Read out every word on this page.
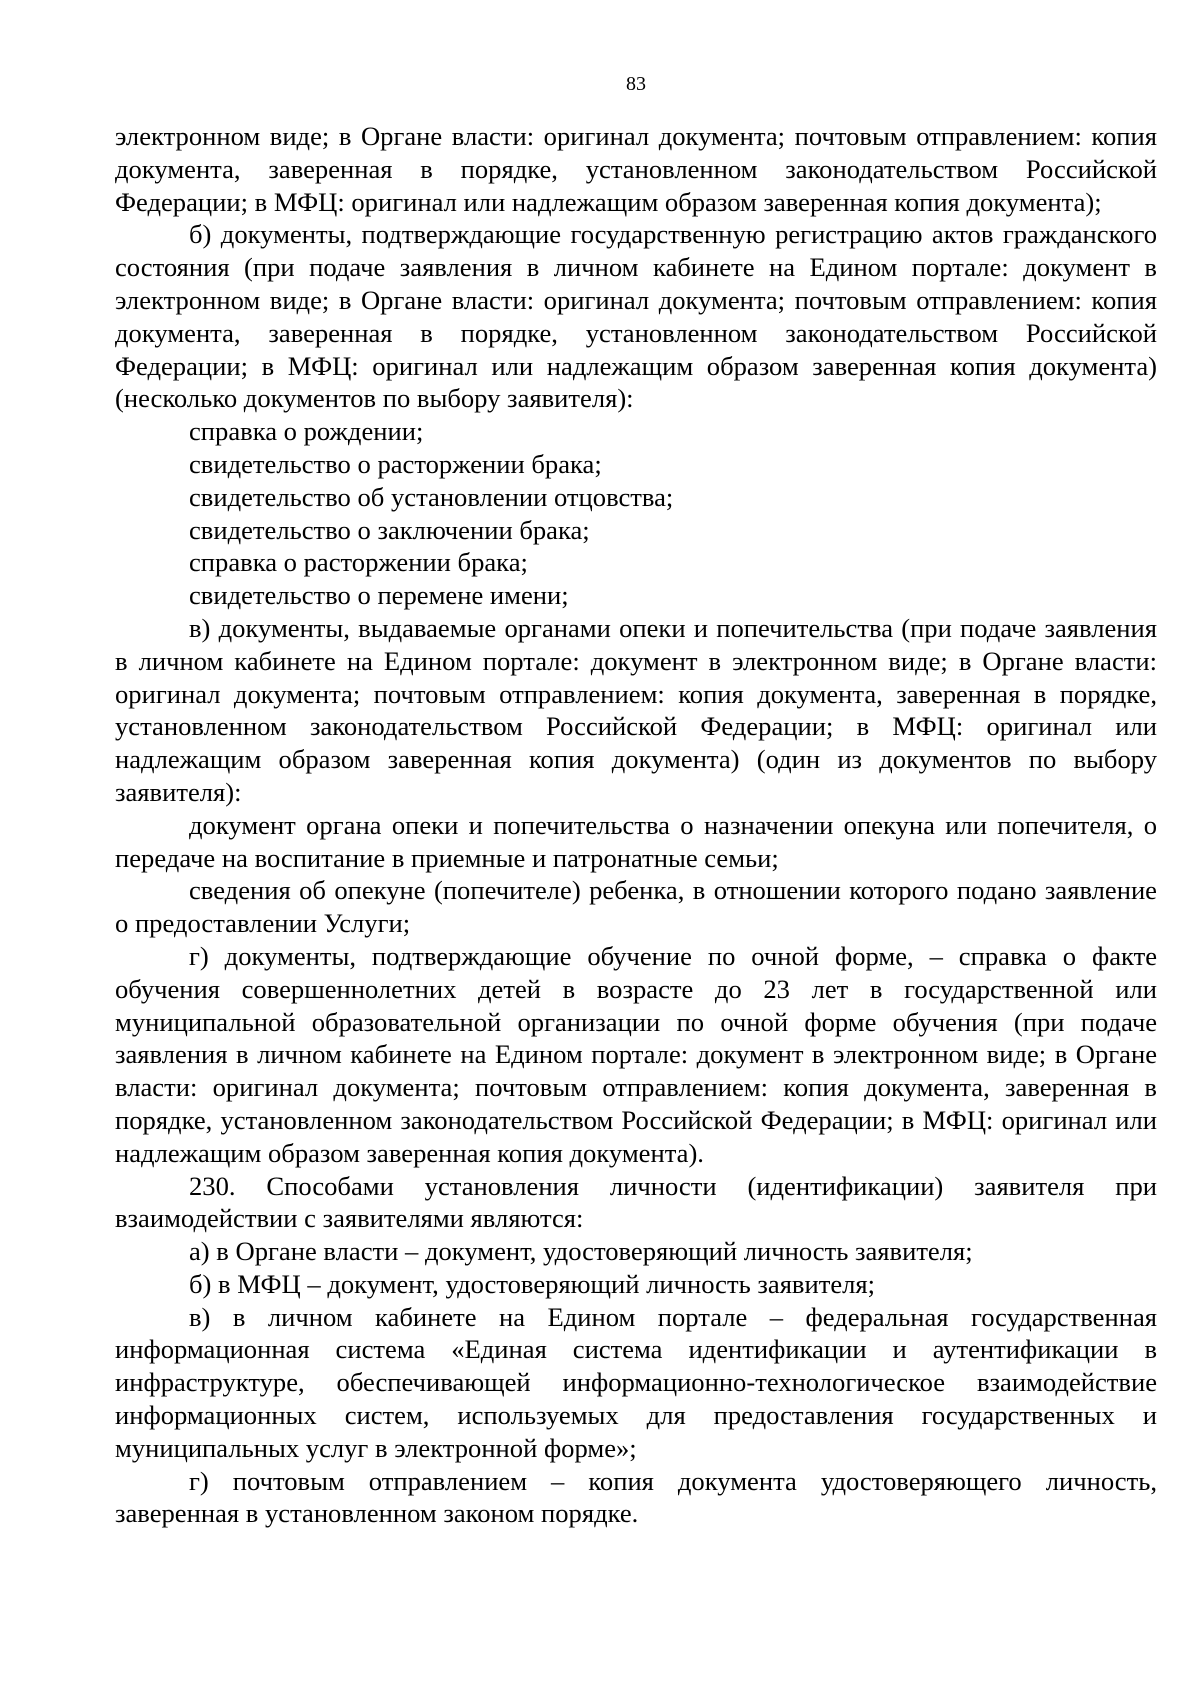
83

электронном виде; в Органе власти: оригинал документа; почтовым отправлением: копия документа, заверенная в порядке, установленном законодательством Российской Федерации; в МФЦ: оригинал или надлежащим образом заверенная копия документа);

б) документы, подтверждающие государственную регистрацию актов гражданского состояния (при подаче заявления в личном кабинете на Едином портале: документ в электронном виде; в Органе власти: оригинал документа; почтовым отправлением: копия документа, заверенная в порядке, установленном законодательством Российской Федерации; в МФЦ: оригинал или надлежащим образом заверенная копия документа) (несколько документов по выбору заявителя):

справка о рождении;

свидетельство о расторжении брака;

свидетельство об установлении отцовства;

свидетельство о заключении брака;

справка о расторжении брака;

свидетельство о перемене имени;

в) документы, выдаваемые органами опеки и попечительства (при подаче заявления в личном кабинете на Едином портале: документ в электронном виде; в Органе власти: оригинал документа; почтовым отправлением: копия документа, заверенная в порядке, установленном законодательством Российской Федерации; в МФЦ: оригинал или надлежащим образом заверенная копия документа) (один из документов по выбору заявителя):

документ органа опеки и попечительства о назначении опекуна или попечителя, о передаче на воспитание в приемные и патронатные семьи;

сведения об опекуне (попечителе) ребенка, в отношении которого подано заявление о предоставлении Услуги;

г) документы, подтверждающие обучение по очной форме, – справка о факте обучения совершеннолетних детей в возрасте до 23 лет в государственной или муниципальной образовательной организации по очной форме обучения (при подаче заявления в личном кабинете на Едином портале: документ в электронном виде; в Органе власти: оригинал документа; почтовым отправлением: копия документа, заверенная в порядке, установленном законодательством Российской Федерации; в МФЦ: оригинал или надлежащим образом заверенная копия документа).

230. Способами установления личности (идентификации) заявителя при взаимодействии с заявителями являются:

а) в Органе власти – документ, удостоверяющий личность заявителя;

б) в МФЦ – документ, удостоверяющий личность заявителя;

в) в личном кабинете на Едином портале – федеральная государственная информационная система «Единая система идентификации и аутентификации в инфраструктуре, обеспечивающей информационно-технологическое взаимодействие информационных систем, используемых для предоставления государственных и муниципальных услуг в электронной форме»;

г) почтовым отправлением – копия документа удостоверяющего личность, заверенная в установленном законом порядке.
